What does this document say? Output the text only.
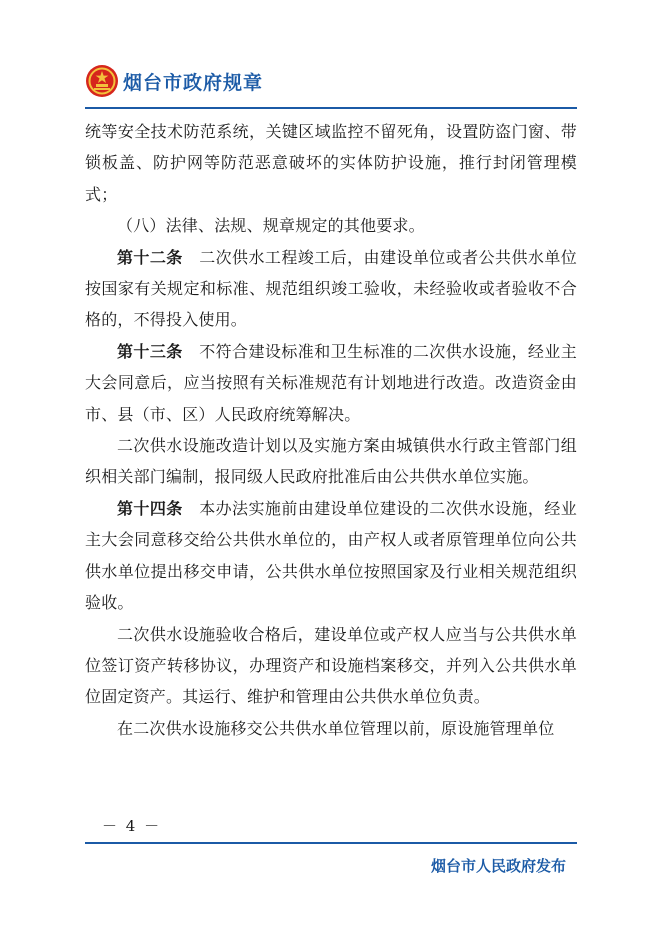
烟台市政府规章

统等安全技术防范系统，关键区域监控不留死角，设置防盗门窗、带锁板盖、防护网等防范恶意破坏的实体防护设施，推行封闭管理模式；

（八）法律、法规、规章规定的其他要求。

第十二条　 二次供水工程竣工后，由建设单位或者公共供水单位按国家有关规定和标准、规范组织竣工验收，未经验收或者验收不合格的，不得投入使用。

第十三条　 不符合建设标准和卫生标准的二次供水设施，经业主大会同意后，应当按照有关标准规范有计划地进行改造。改造资金由市、县（市、区）人民政府统筹解决。

二次供水设施改造计划以及实施方案由城镇供水行政主管部门组织相关部门编制，报同级人民政府批准后由公共供水单位实施。

第十四条　 本办法实施前由建设单位建设的二次供水设施，经业主大会同意移交给公共供水单位的，由产权人或者原管理单位向公共供水单位提出移交申请，公共供水单位按照国家及行业相关规范组织验收。

二次供水设施验收合格后，建设单位或产权人应当与公共供水单位签订资产转移协议，办理资产和设施档案移交，并列入公共供水单位固定资产。其运行、维护和管理由公共供水单位负责。

在二次供水设施移交公共供水单位管理以前，原设施管理单位

－ 4 －
烟台市人民政府发布
